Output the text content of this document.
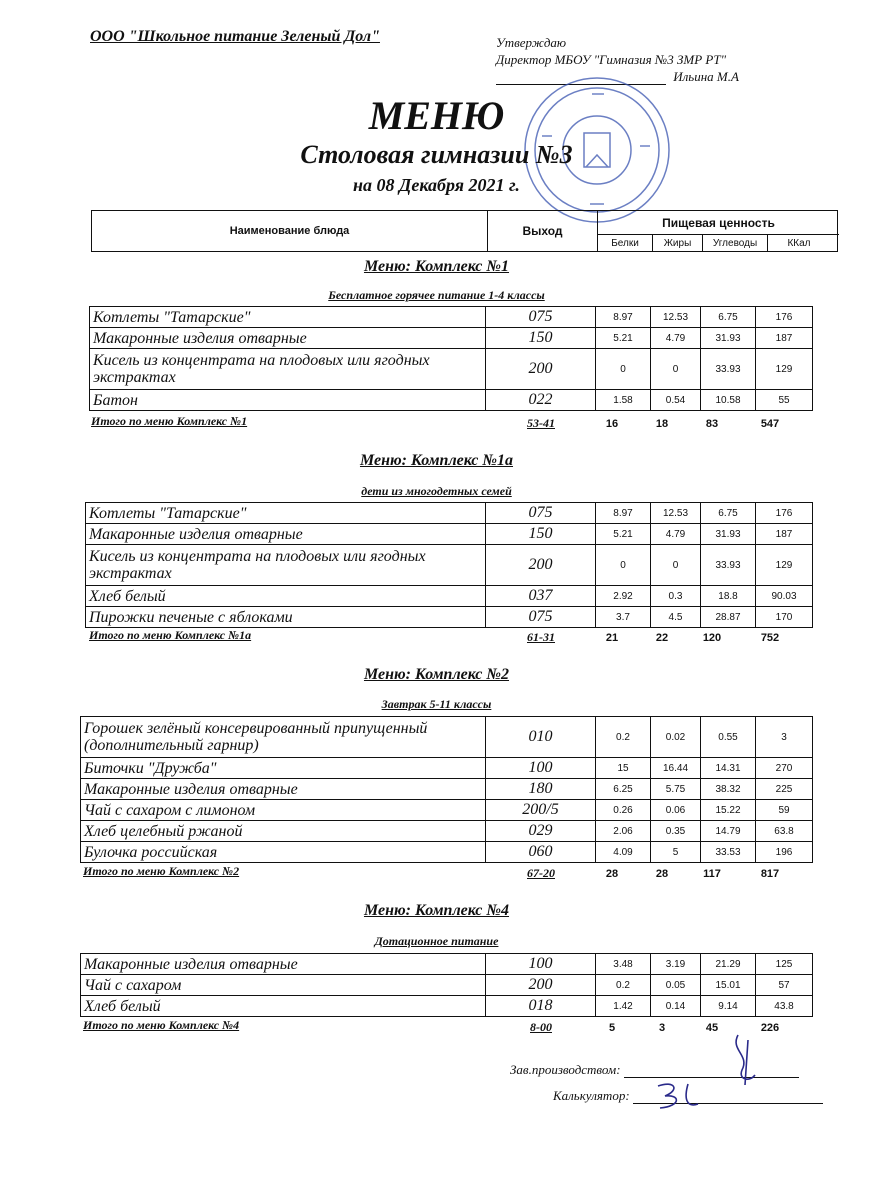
ООО "Школьное питание Зеленый Дол"	Утверждаю
Директор МБОУ "Гимназия №3 ЗМР РТ"
Ильина М.А
МЕНЮ
Столовая гимназии №3
на 08 Декабря 2021 г.
Наименование блюда	Выход
Пищевая ценность
Белки	Жиры	Углеводы	ККал
Меню: Комплекс №1
Бесплатное горячее питание 1-4 классы
Котлеты "Татарские"	075	8.97	12.53	6.75	176
Макаронные изделия отварные	150	5.21	4.79	31.93	187
Кисель из концентрата на плодовых или ягодных экстрактах	200	0	0	33.93	129
Батон	022	1.58	0.54	10.58	55
Итого по меню Комплекс №1	53-41	16	18	83	547
Меню: Комплекс №1а
дети из многодетных семей
Котлеты "Татарские"	075	8.97	12.53	6.75	176
Макаронные изделия отварные	150	5.21	4.79	31.93	187
Кисель из концентрата на плодовых или ягодных экстрактах	200	0	0	33.93	129
Хлеб белый	037	2.92	0.3	18.8	90.03
Пирожки печеные с яблоками	075	3.7	4.5	28.87	170
Итого по меню Комплекс №1а	61-31	21	22	120	752
Меню: Комплекс №2
Завтрак 5-11 классы
Горошек зелёный консервированный припущенный (дополнительный гарнир)	010	0.2	0.02	0.55	3
Биточки "Дружба"	100	15	16.44	14.31	270
Макаронные изделия отварные	180	6.25	5.75	38.32	225
Чай с сахаром с лимоном	200/5	0.26	0.06	15.22	59
Хлеб целебный ржаной	029	2.06	0.35	14.79	63.8
Булочка российская	060	4.09	5	33.53	196
Итого по меню Комплекс №2	67-20	28	28	117	817
Меню: Комплекс №4
Дотационное питание
Макаронные изделия отварные	100	3.48	3.19	21.29	125
Чай с сахаром	200	0.2	0.05	15.01	57
Хлеб белый	018	1.42	0.14	9.14	43.8
Итого по меню Комплекс №4	8-00	5	3	45	226
Зав.производством:
Калькулятор:
